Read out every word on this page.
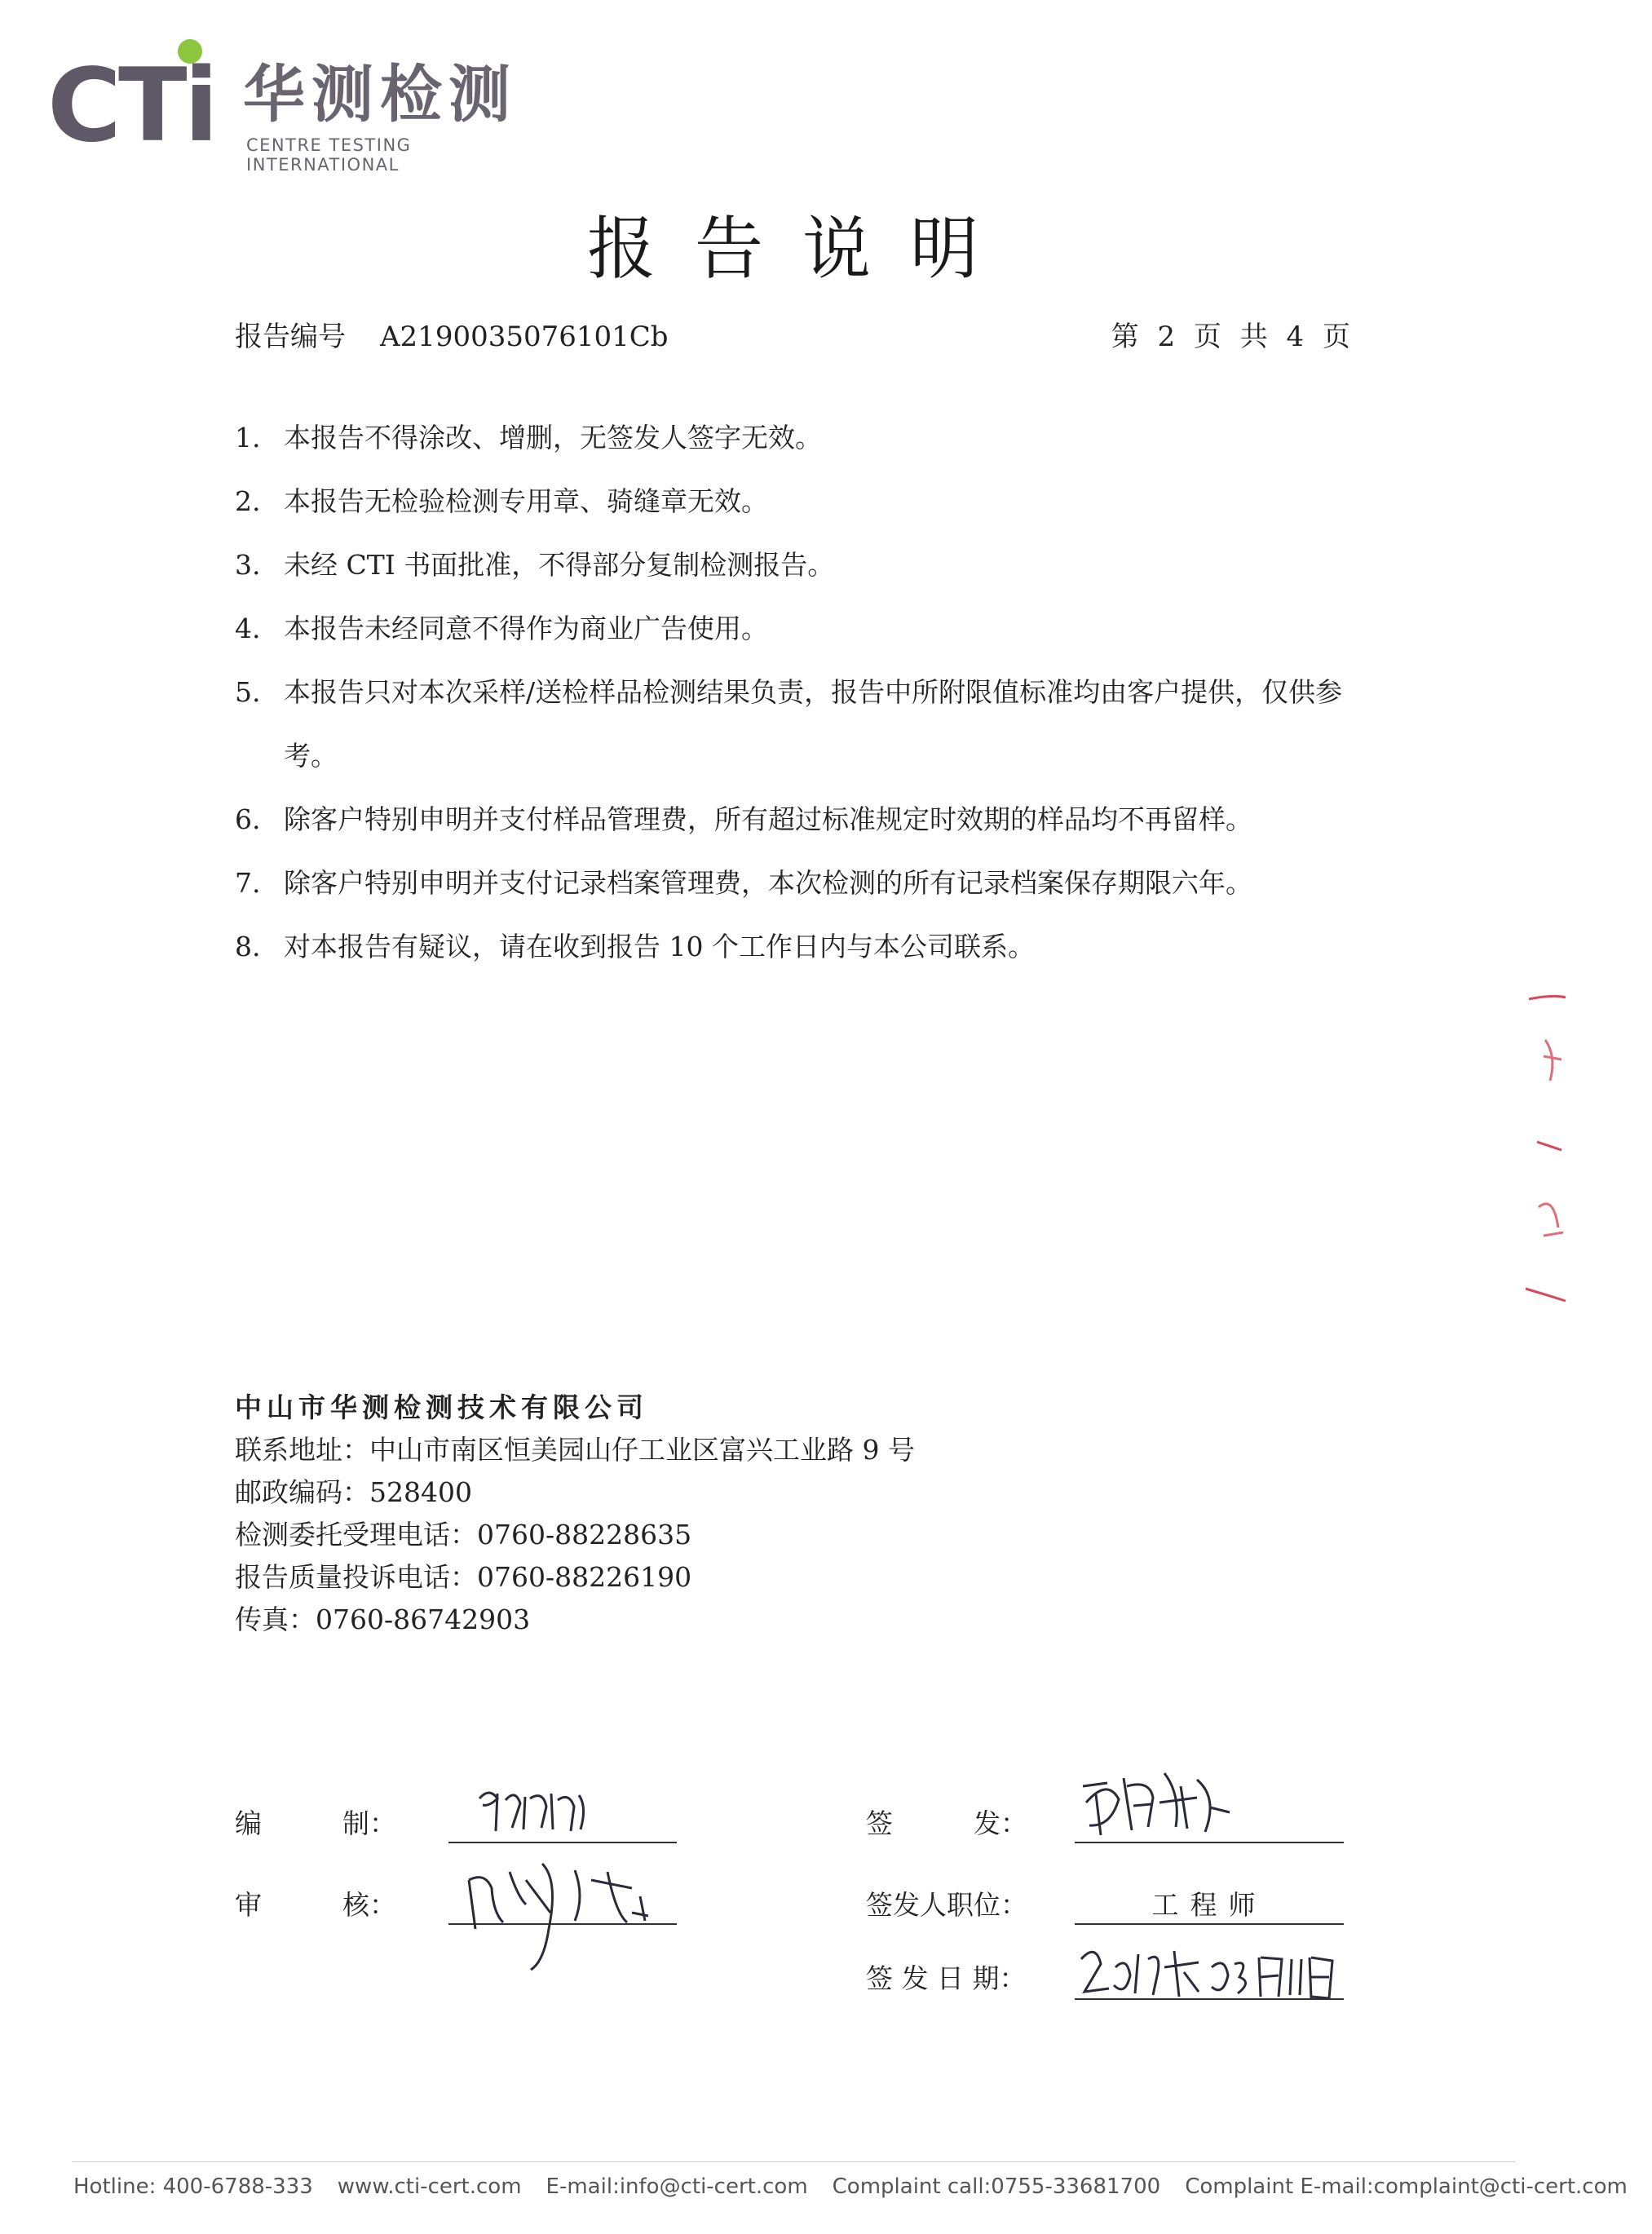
CTi 华测检测
CENTRE TESTING INTERNATIONAL
报告说明
报告编号 A2190035076101Cb	第 2 页 共 4 页
1. 本报告不得涂改、增删，无签发人签字无效。
2. 本报告无检验检测专用章、骑缝章无效。
3. 未经 CTI 书面批准，不得部分复制检测报告。
4. 本报告未经同意不得作为商业广告使用。
5. 本报告只对本次采样/送检样品检测结果负责，报告中所附限值标准均由客户提供，仅供参考。
6. 除客户特别申明并支付样品管理费，所有超过标准规定时效期的样品均不再留样。
7. 除客户特别申明并支付记录档案管理费，本次检测的所有记录档案保存期限六年。
8. 对本报告有疑议，请在收到报告 10 个工作日内与本公司联系。
中山市华测检测技术有限公司
联系地址：中山市南区恒美园山仔工业区富兴工业路 9 号
邮政编码：528400
检测委托受理电话：0760-88228635
报告质量投诉电话：0760-88226190
传真：0760-86742903
编　　　制：
审　　　核：
签　　　发：
签发人职位：	工程师
签 发 日 期：
Hotline: 400-6788-333 www.cti-cert.com E-mail:info@cti-cert.com Complaint call:0755-33681700 Complaint E-mail:complaint@cti-cert.com
